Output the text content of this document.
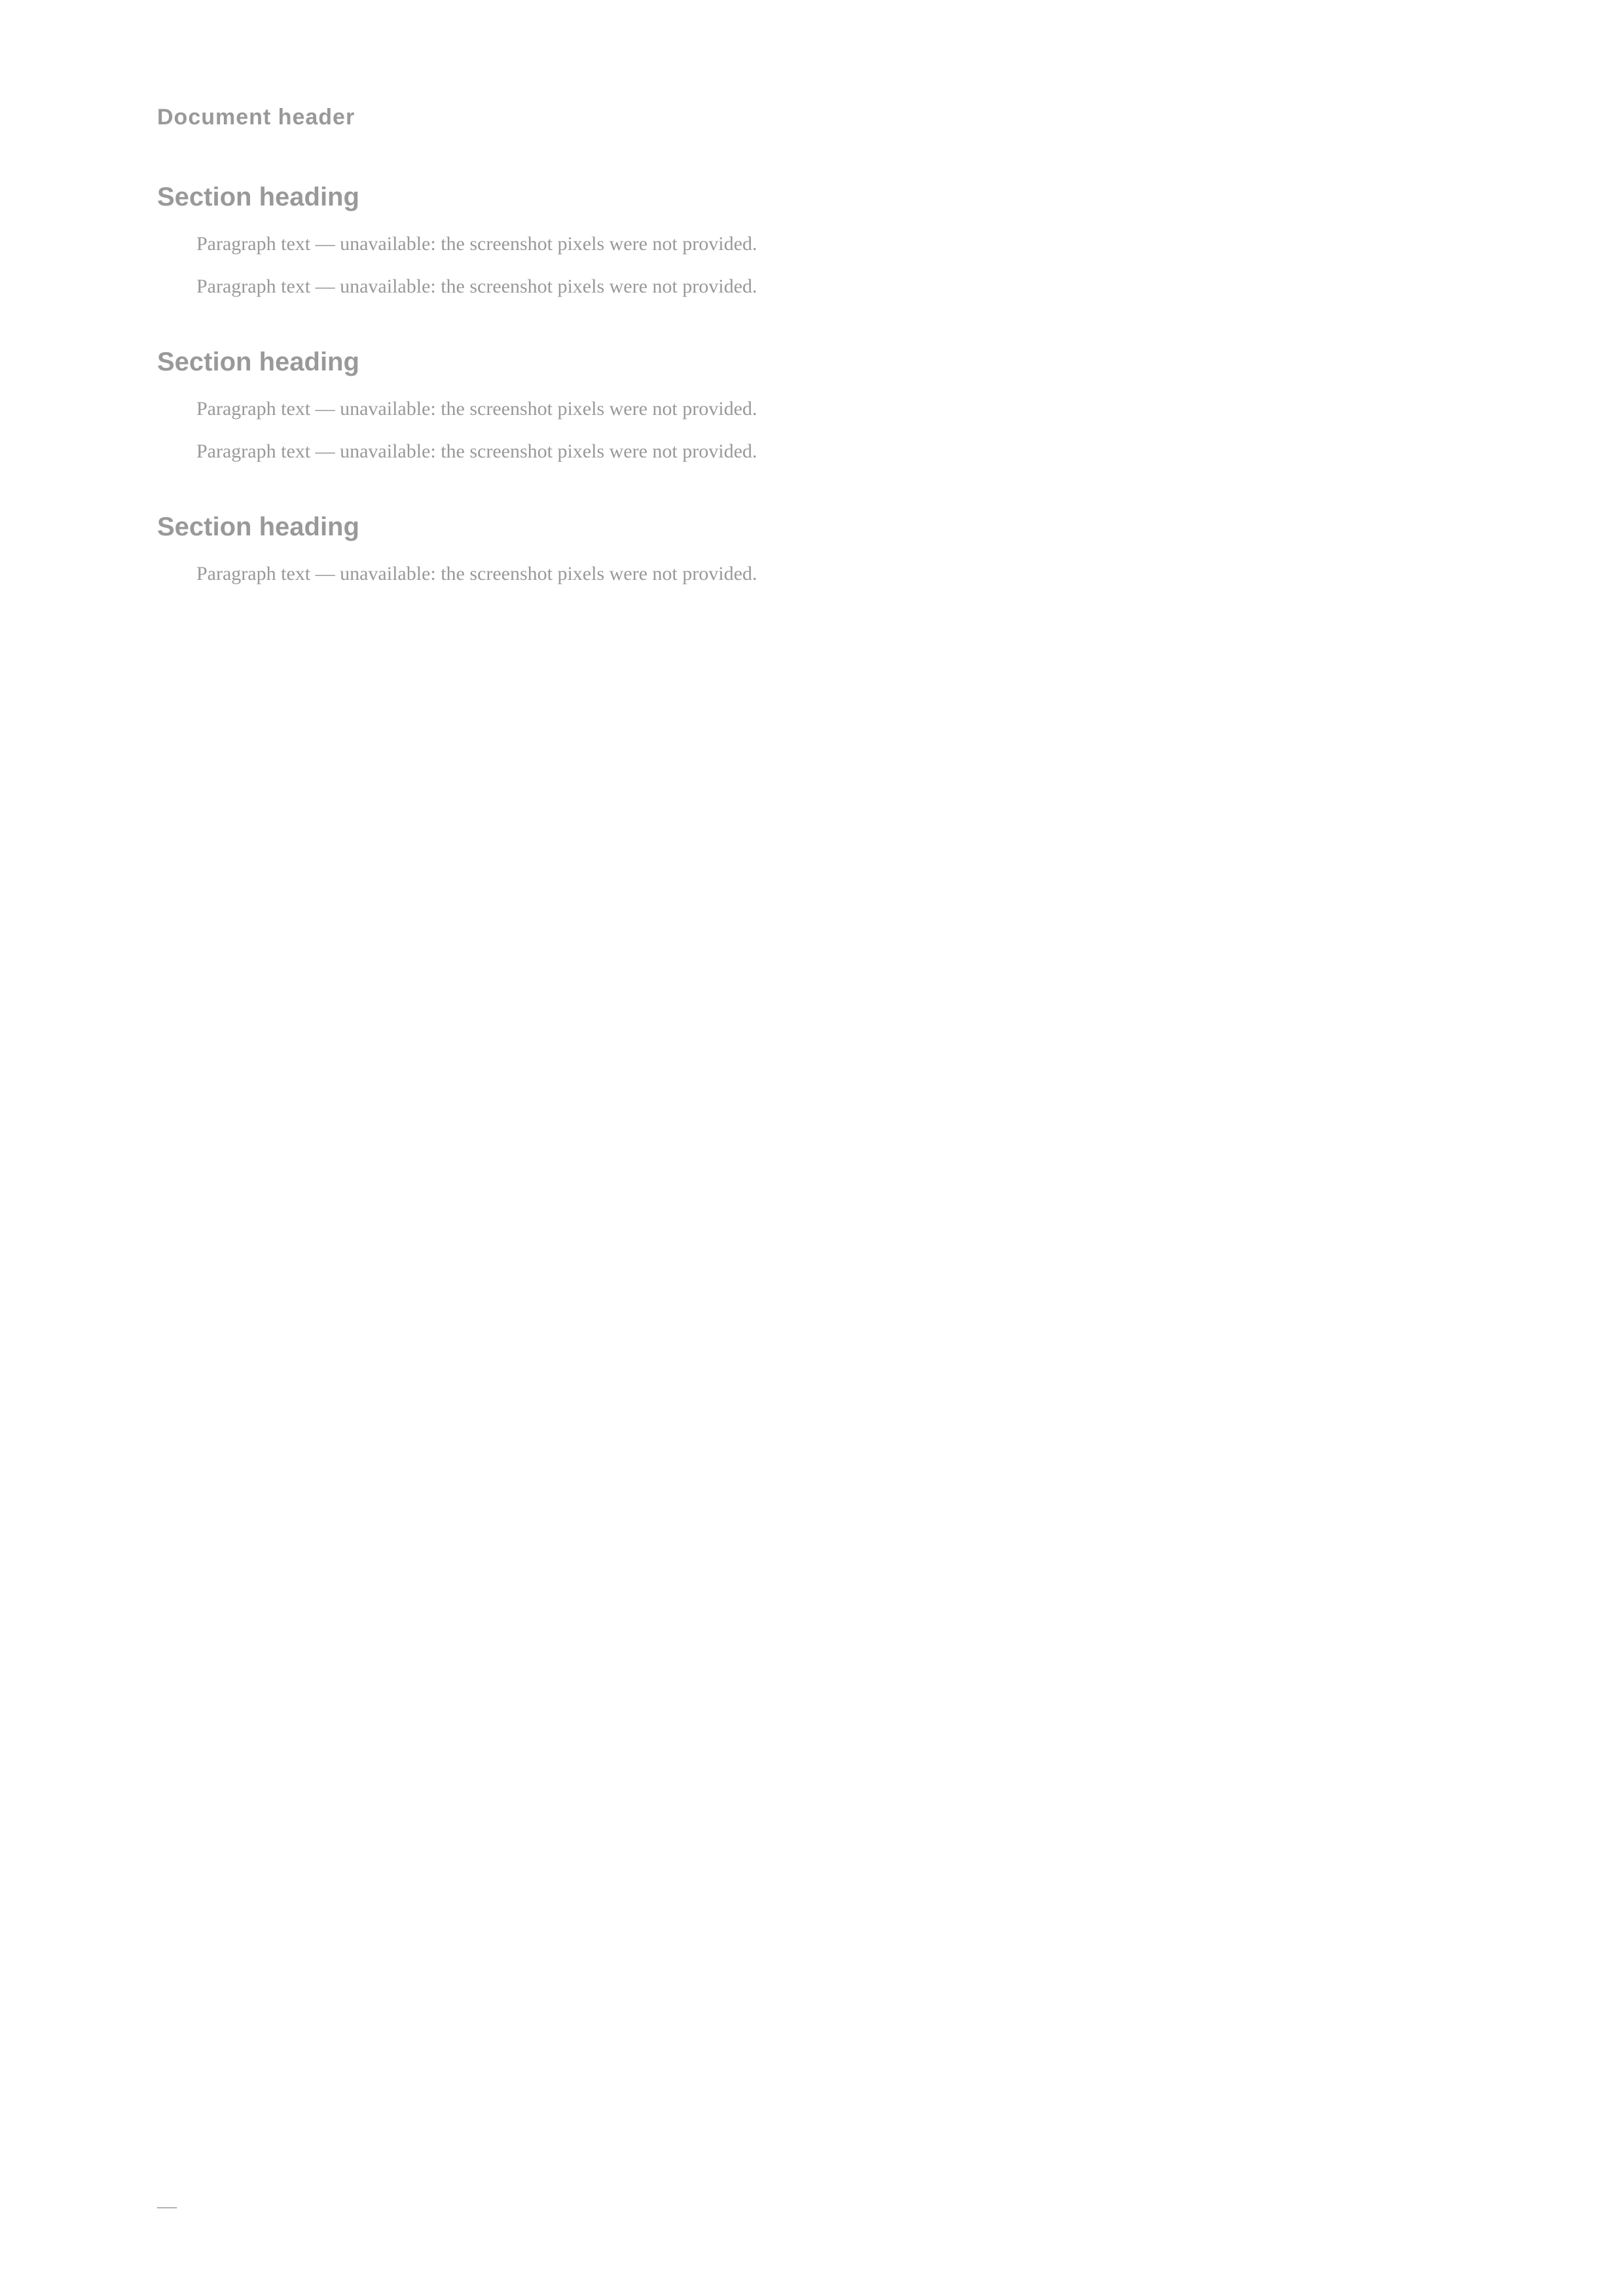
Document header
Section heading

Paragraph text — unavailable: the screenshot pixels were not provided.

Paragraph text — unavailable: the screenshot pixels were not provided.

Section heading

Paragraph text — unavailable: the screenshot pixels were not provided.

Paragraph text — unavailable: the screenshot pixels were not provided.

Section heading

Paragraph text — unavailable: the screenshot pixels were not provided.

—
